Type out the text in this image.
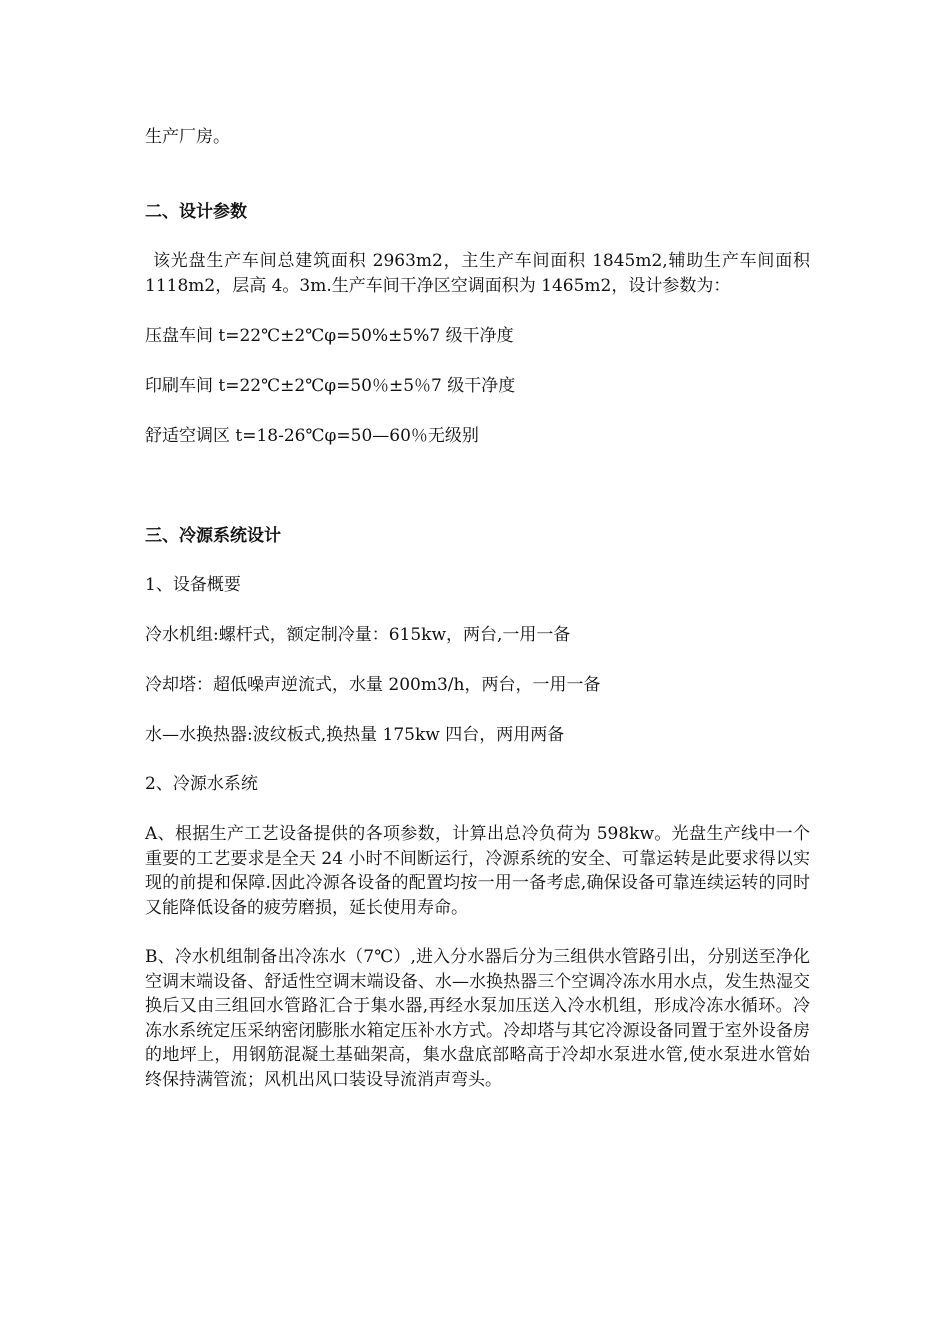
生产厂房。
二、设计参数
该光盘生产车间总建筑面积 2963m2，主生产车间面积 1845m2,辅助生产车间面积 1118m2，层高 4。3m.生产车间干净区空调面积为 1465m2，设计参数为：
压盘车间 t=22℃±2℃φ=50%±5%7 级干净度
印刷车间 t=22℃±2℃φ=50％±5％7 级干净度
舒适空调区 t=18-26℃φ=50—60％无级别
三、冷源系统设计
1、设备概要
冷水机组:螺杆式，额定制冷量：615kw，两台,一用一备
冷却塔：超低噪声逆流式，水量 200m3/h，两台，一用一备
水—水换热器:波纹板式,换热量 175kw 四台，两用两备
2、冷源水系统
A、根据生产工艺设备提供的各项参数，计算出总冷负荷为 598kw。光盘生产线中一个重要的工艺要求是全天 24 小时不间断运行，冷源系统的安全、可靠运转是此要求得以实现的前提和保障.因此冷源各设备的配置均按一用一备考虑,确保设备可靠连续运转的同时又能降低设备的疲劳磨损，延长使用寿命。
B、冷水机组制备出冷冻水（7℃）,进入分水器后分为三组供水管路引出，分别送至净化空调末端设备、舒适性空调末端设备、水—水换热器三个空调冷冻水用水点，发生热湿交换后又由三组回水管路汇合于集水器,再经水泵加压送入冷水机组，形成冷冻水循环。冷冻水系统定压采纳密闭膨胀水箱定压补水方式。冷却塔与其它冷源设备同置于室外设备房的地坪上，用钢筋混凝土基础架高，集水盘底部略高于冷却水泵进水管,使水泵进水管始终保持满管流；风机出风口装设导流消声弯头。
